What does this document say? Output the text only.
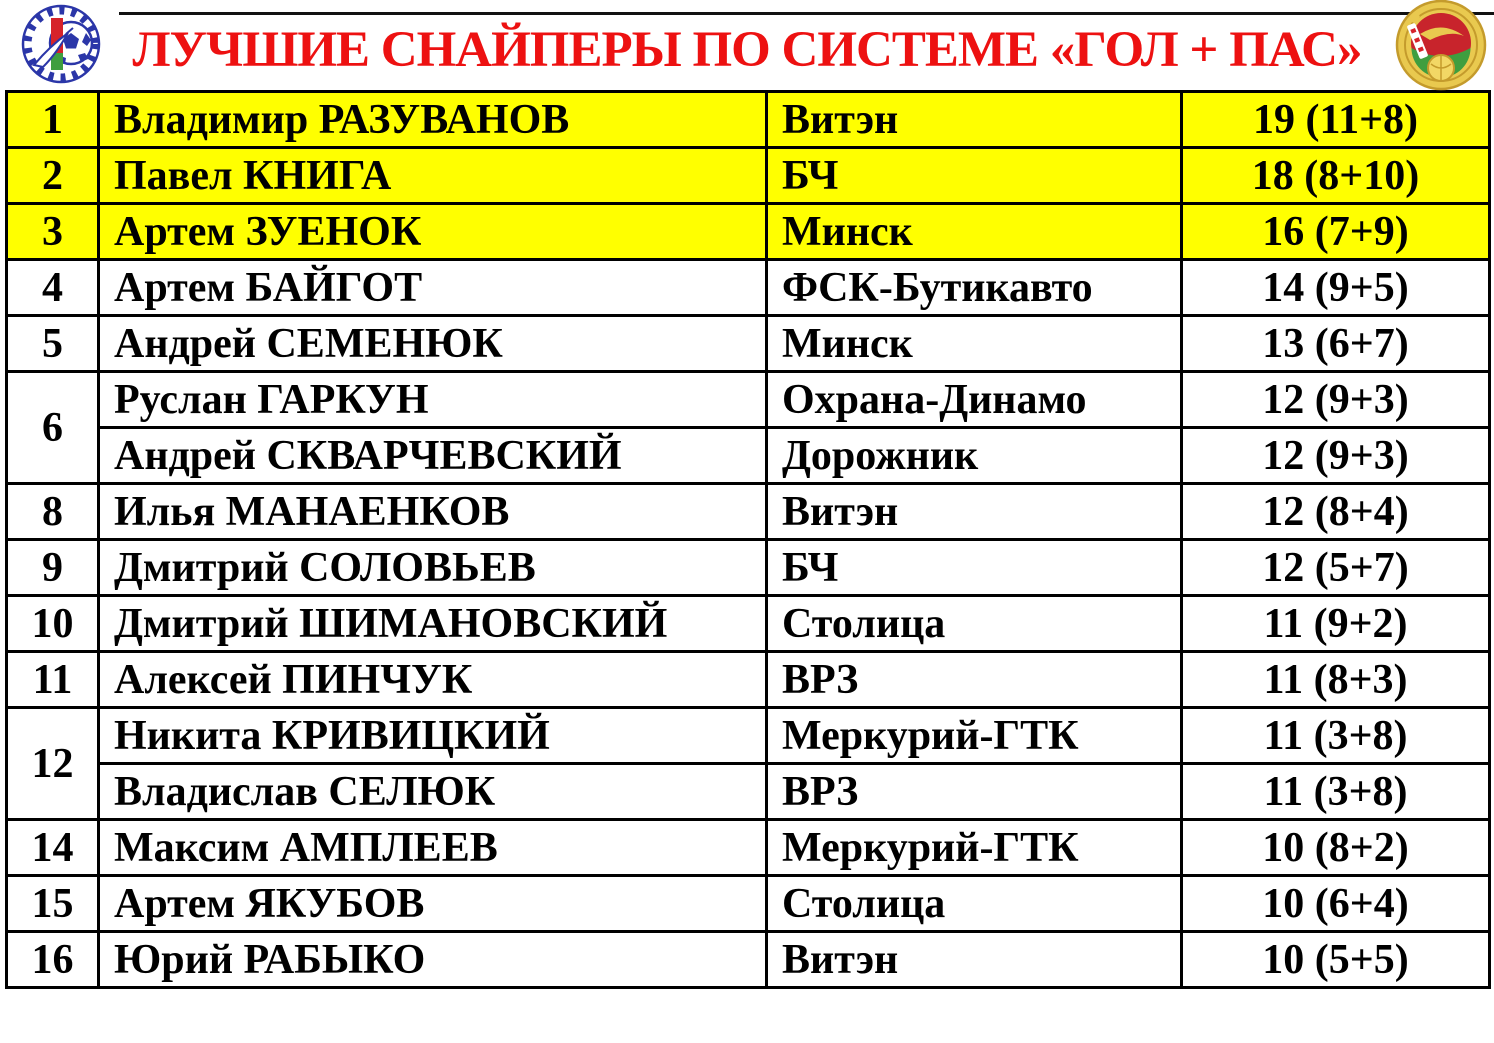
ЛУЧШИЕ СНАЙПЕРЫ ПО СИСТЕМЕ «ГОЛ + ПАС»
1	Владимир РАЗУВАНОВ	Витэн	19 (11+8)
2	Павел КНИГА	БЧ	18 (8+10)
3	Артем ЗУЕНОК	Минск	16 (7+9)
4	Артем БАЙГОТ	ФСК-Бутикавто	14 (9+5)
5	Андрей СЕМЕНЮК	Минск	13 (6+7)
6	Руслан ГАРКУН	Охрана-Динамо	12 (9+3)
	Андрей СКВАРЧЕВСКИЙ	Дорожник	12 (9+3)
8	Илья МАНАЕНКОВ	Витэн	12 (8+4)
9	Дмитрий СОЛОВЬЕВ	БЧ	12 (5+7)
10	Дмитрий ШИМАНОВСКИЙ	Столица	11 (9+2)
11	Алексей ПИНЧУК	ВРЗ	11 (8+3)
12	Никита КРИВИЦКИЙ	Меркурий-ГТК	11 (3+8)
	Владислав СЕЛЮК	ВРЗ	11 (3+8)
14	Максим АМПЛЕЕВ	Меркурий-ГТК	10 (8+2)
15	Артем ЯКУБОВ	Столица	10 (6+4)
16	Юрий РАБЫКО	Витэн	10 (5+5)
